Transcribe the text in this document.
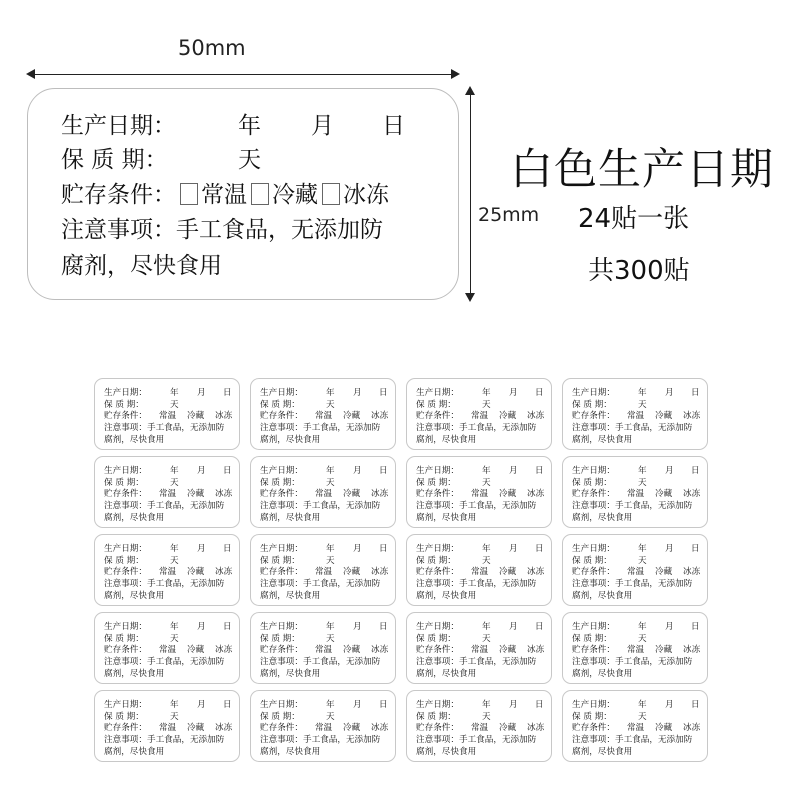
50mm
25mm
生产日期：	年 月 日
保 质 期：	天
贮存条件： 常温 冷藏 冰冻
注意事项：手工食品，无添加防
腐剂，尽快食用
白色生产日期
24贴一张
共300贴
生产日期：	年 月 日
保 质 期：	天
贮存条件： 常温 冷藏 冰冻
注意事项：手工食品，无添加防
腐剂，尽快食用
生产日期：	年 月 日
保 质 期：	天
贮存条件： 常温 冷藏 冰冻
注意事项：手工食品，无添加防
腐剂，尽快食用
生产日期：	年 月 日
保 质 期：	天
贮存条件： 常温 冷藏 冰冻
注意事项：手工食品，无添加防
腐剂，尽快食用
生产日期：	年 月 日
保 质 期：	天
贮存条件： 常温 冷藏 冰冻
注意事项：手工食品，无添加防
腐剂，尽快食用
生产日期：	年 月 日
保 质 期：	天
贮存条件： 常温 冷藏 冰冻
注意事项：手工食品，无添加防
腐剂，尽快食用
生产日期：	年 月 日
保 质 期：	天
贮存条件： 常温 冷藏 冰冻
注意事项：手工食品，无添加防
腐剂，尽快食用
生产日期：	年 月 日
保 质 期：	天
贮存条件： 常温 冷藏 冰冻
注意事项：手工食品，无添加防
腐剂，尽快食用
生产日期：	年 月 日
保 质 期：	天
贮存条件： 常温 冷藏 冰冻
注意事项：手工食品，无添加防
腐剂，尽快食用
生产日期：	年 月 日
保 质 期：	天
贮存条件： 常温 冷藏 冰冻
注意事项：手工食品，无添加防
腐剂，尽快食用
生产日期：	年 月 日
保 质 期：	天
贮存条件： 常温 冷藏 冰冻
注意事项：手工食品，无添加防
腐剂，尽快食用
生产日期：	年 月 日
保 质 期：	天
贮存条件： 常温 冷藏 冰冻
注意事项：手工食品，无添加防
腐剂，尽快食用
生产日期：	年 月 日
保 质 期：	天
贮存条件： 常温 冷藏 冰冻
注意事项：手工食品，无添加防
腐剂，尽快食用
生产日期：	年 月 日
保 质 期：	天
贮存条件： 常温 冷藏 冰冻
注意事项：手工食品，无添加防
腐剂，尽快食用
生产日期：	年 月 日
保 质 期：	天
贮存条件： 常温 冷藏 冰冻
注意事项：手工食品，无添加防
腐剂，尽快食用
生产日期：	年 月 日
保 质 期：	天
贮存条件： 常温 冷藏 冰冻
注意事项：手工食品，无添加防
腐剂，尽快食用
生产日期：	年 月 日
保 质 期：	天
贮存条件： 常温 冷藏 冰冻
注意事项：手工食品，无添加防
腐剂，尽快食用
生产日期：	年 月 日
保 质 期：	天
贮存条件： 常温 冷藏 冰冻
注意事项：手工食品，无添加防
腐剂，尽快食用
生产日期：	年 月 日
保 质 期：	天
贮存条件： 常温 冷藏 冰冻
注意事项：手工食品，无添加防
腐剂，尽快食用
生产日期：	年 月 日
保 质 期：	天
贮存条件： 常温 冷藏 冰冻
注意事项：手工食品，无添加防
腐剂，尽快食用
生产日期：	年 月 日
保 质 期：	天
贮存条件： 常温 冷藏 冰冻
注意事项：手工食品，无添加防
腐剂，尽快食用
